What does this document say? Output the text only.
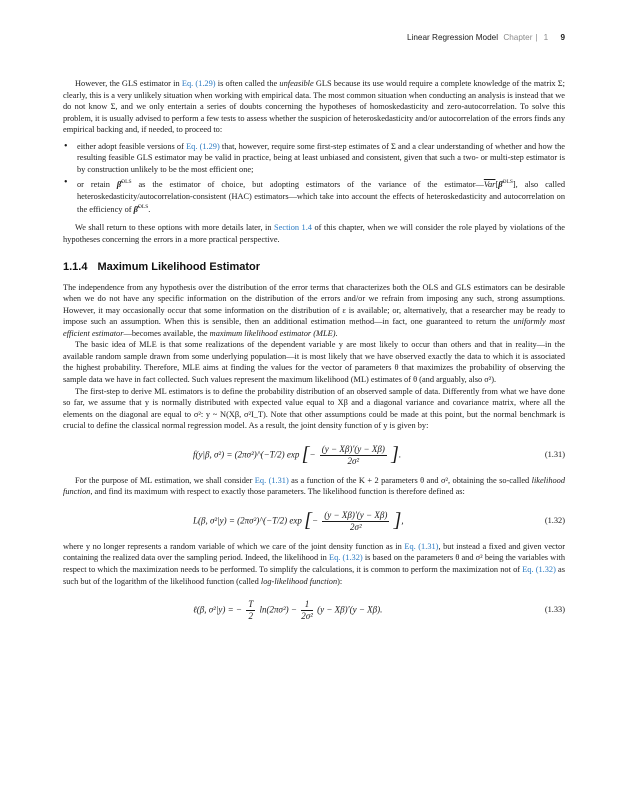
Linear Regression Model Chapter | 1 9

However, the GLS estimator in Eq. (1.29) is often called the unfeasible GLS because its use would require a complete knowledge of the matrix Σ; clearly, this is a very unlikely situation when working with empirical data. The most common situation when conducting an analysis is instead that we do not know Σ, and we only entertain a series of doubts concerning the hypotheses of homoskedasticity and zero-autocorrelation. To solve this problem, it is usually advised to perform a few tests to assess whether the suspicion of heteroskedasticity and/or autocorrelation of the errors finds any empirical backing and, if needed, to proceed to:

• either adopt feasible versions of Eq. (1.29) that, however, require some first-step estimates of Σ and a clear understanding of whether and how the resulting feasible GLS estimator may be valid in practice, being at least unbiased and consistent, given that such a two- or multi-step estimator is by construction unlikely to be the most efficient one;
• or retain β̂$^{OLS}$ as the estimator of choice, but adopting estimators of the variance of the $estimator—\overline{Var}[\betâ^{OLS}]$, also called heteroskedasticity/autocorrelation-consistent (HAC) estimators—which take into account the effects of heteroskedasticity and autocorrelation on the efficiency of β̂$^{OLS}$.

We shall return to these options with more details later, in Section 1.4 of this chapter, when we will consider the role played by violations of the hypotheses concerning the errors in a more practical perspective.

1.1.4 Maximum Likelihood Estimator

The independence from any hypothesis over the distribution of the error terms that characterizes both the OLS and GLS estimators can be desirable when we do not have any specific information on the distribution of the errors and/or we refrain from imposing any such, strong assumptions. However, it may occasionally occur that some information on the distribution of ε is available; or, alternatively, that a researcher may be ready to impose such an assumption. When this is sensible, then an additional estimation method—in fact, one guaranteed to return the uniformly most efficient estimator—becomes available, the maximum likelihood estimator (MLE).

The basic idea of MLE is that some realizations of the dependent variable y are most likely to occur than others and that in reality—in the available random sample drawn from some underlying population—it is most likely that we have observed exactly the data to which it is associated the highest probability. Therefore, MLE aims at finding the values for the vector of parameters θ that maximizes the probability of observing the sample data we have in fact collected. Such values represent the maximum likelihood (ML) estimates of θ (and arguably, also σ²).

The first-step to derive ML estimators is to define the probability distribution of an observed sample of data. Differently from what we have done so far, we assume that y is normally distributed with expected value equal to Xβ and a diagonal variance and covariance matrix, where all the elements on the diagonal are equal to σ²: y ~ N(Xβ, σ²I_T). Note that other assumptions could be made at this point, but the normal benchmark is crucial to define the classical normal regression model. As a result, the joint density function of y is given by:

f(y|β, σ²) = (2πσ²)^(−T/2) exp [− $\frac{(y - X\beta)'(y - X\beta)}{\text{2σ²}}$ ].	(1.31)

For the purpose of ML estimation, we shall consider Eq. (1.31) as a function of the K + 2 parameters θ and σ², obtaining the so-called likelihood function, and find its maximum with respect to exactly those parameters. The likelihood function is therefore defined as:

L(β, σ²|y) = (2πσ²)^(−T/2) exp [− $\frac{(y - X\beta)'(y - X\beta)}{\text{2σ²}}$ ],	(1.32)

where y no longer represents a random variable of which we care of the joint density function as in Eq. (1.31), but instead a fixed and given vector containing the realized data over the sampling period. Indeed, the likelihood in Eq. (1.32) is based on the parameters θ and σ² being the variables with respect to which the maximization needs to be performed. To simplify the calculations, it is common to perform the maximization not of Eq. (1.32) as such but of the logarithm of the likelihood function (called log-likelihood function):

ℓ(β, σ²|y) = − $\frac{T}{2} \ln(2\pi\sigma^2) - \frac{1}{\text{2σ²}} (y - X\beta)'(y - X\beta)$.	(1.33)
